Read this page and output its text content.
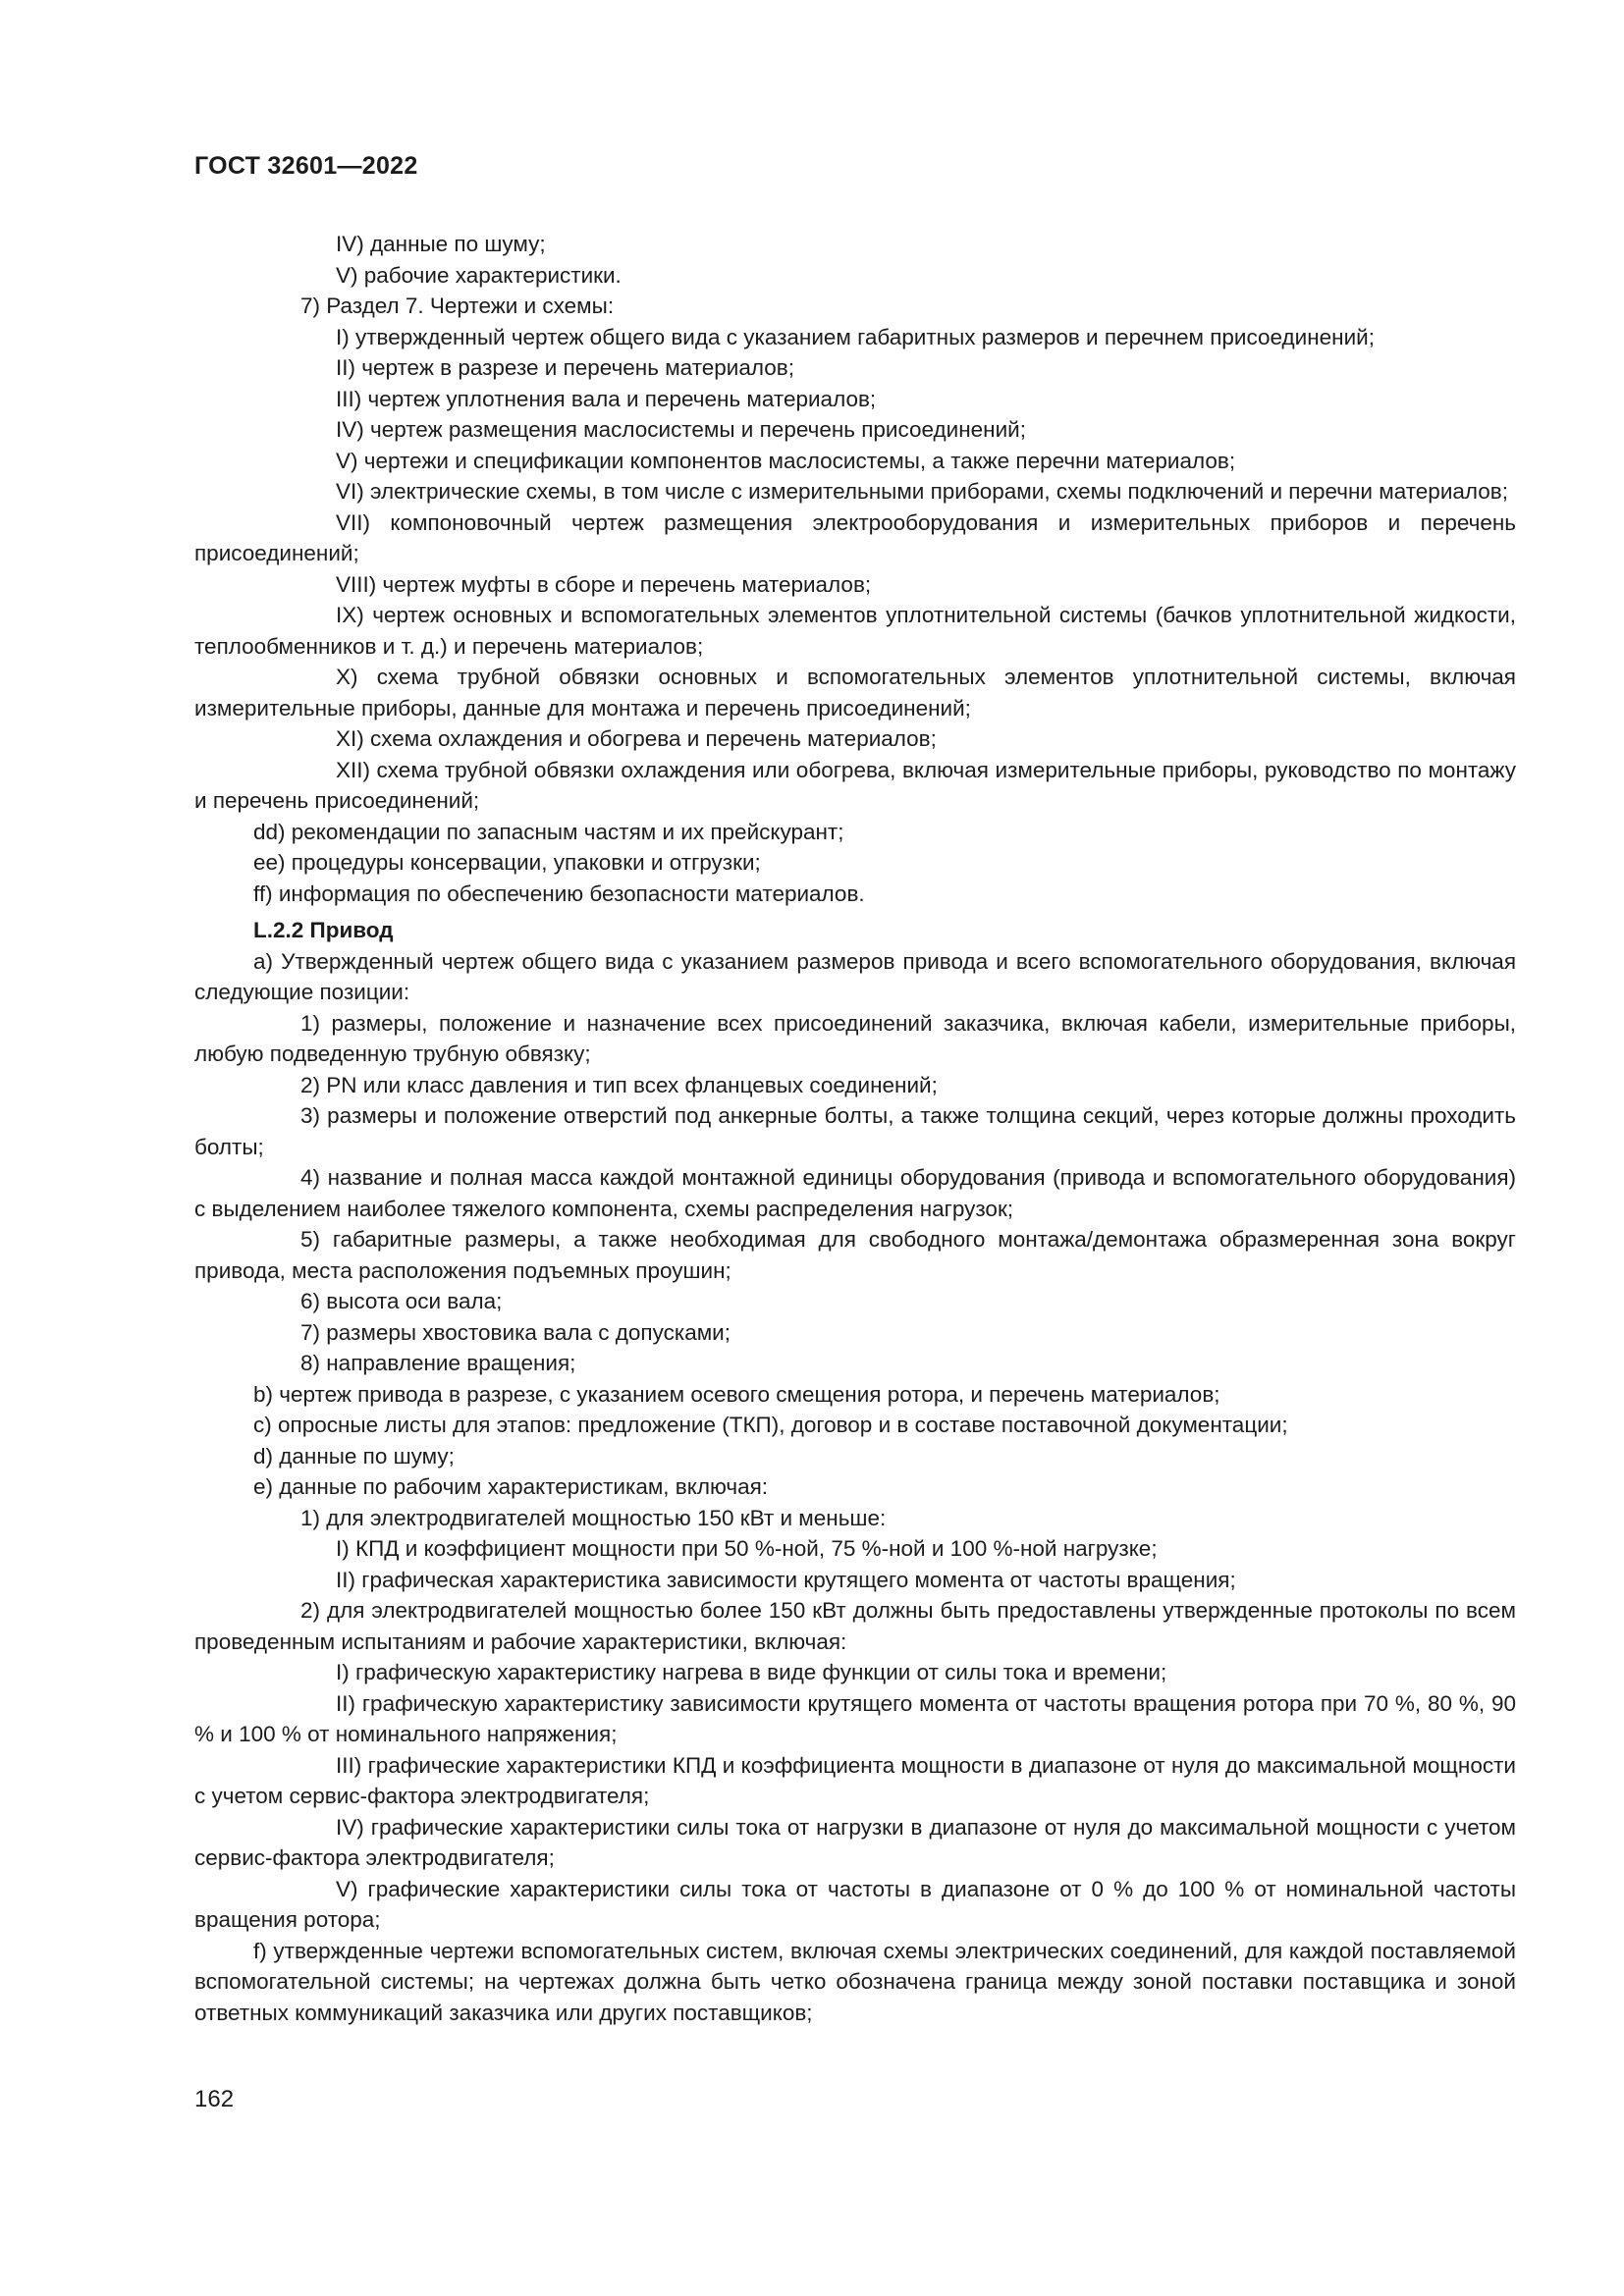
ГОСТ 32601—2022

IV) данные по шуму;

V) рабочие характеристики.

7) Раздел 7. Чертежи и схемы:

I) утвержденный чертеж общего вида с указанием габаритных размеров и перечнем присоединений;

II) чертеж в разрезе и перечень материалов;

III) чертеж уплотнения вала и перечень материалов;

IV) чертеж размещения маслосистемы и перечень присоединений;

V) чертежи и спецификации компонентов маслосистемы, а также перечни материалов;

VI) электрические схемы, в том числе с измерительными приборами, схемы подключений и перечни материалов;

VII) компоновочный чертеж размещения электрооборудования и измерительных приборов и перечень присоединений;

VIII) чертеж муфты в сборе и перечень материалов;

IX) чертеж основных и вспомогательных элементов уплотнительной системы (бачков уплотнительной жидкости, теплообменников и т. д.) и перечень материалов;

X) схема трубной обвязки основных и вспомогательных элементов уплотнительной системы, включая измерительные приборы, данные для монтажа и перечень присоединений;

XI) схема охлаждения и обогрева и перечень материалов;

XII) схема трубной обвязки охлаждения или обогрева, включая измерительные приборы, руководство по монтажу и перечень присоединений;

dd) рекомендации по запасным частям и их прейскурант;

ее) процедуры консервации, упаковки и отгрузки;

ff) информация по обеспечению безопасности материалов.

L.2.2 Привод

а) Утвержденный чертеж общего вида с указанием размеров привода и всего вспомогательного оборудования, включая следующие позиции:

1) размеры, положение и назначение всех присоединений заказчика, включая кабели, измерительные приборы, любую подведенную трубную обвязку;

2) PN или класс давления и тип всех фланцевых соединений;

3) размеры и положение отверстий под анкерные болты, а также толщина секций, через которые должны проходить болты;

4) название и полная масса каждой монтажной единицы оборудования (привода и вспомогательного оборудования) с выделением наиболее тяжелого компонента, схемы распределения нагрузок;

5) габаритные размеры, а также необходимая для свободного монтажа/демонтажа образмеренная зона вокруг привода, места расположения подъемных проушин;

6) высота оси вала;

7) размеры хвостовика вала с допусками;

8) направление вращения;

b) чертеж привода в разрезе, с указанием осевого смещения ротора, и перечень материалов;

с) опросные листы для этапов: предложение (ТКП), договор и в составе поставочной документации;

d) данные по шуму;

е) данные по рабочим характеристикам, включая:

1) для электродвигателей мощностью 150 кВт и меньше:

I) КПД и коэффициент мощности при 50 %-ной, 75 %-ной и 100 %-ной нагрузке;

II) графическая характеристика зависимости крутящего момента от частоты вращения;

2) для электродвигателей мощностью более 150 кВт должны быть предоставлены утвержденные протоколы по всем проведенным испытаниям и рабочие характеристики, включая:

I) графическую характеристику нагрева в виде функции от силы тока и времени;

II) графическую характеристику зависимости крутящего момента от частоты вращения ротора при 70 %, 80 %, 90 % и 100 % от номинального напряжения;

III) графические характеристики КПД и коэффициента мощности в диапазоне от нуля до максимальной мощности с учетом сервис-фактора электродвигателя;

IV) графические характеристики силы тока от нагрузки в диапазоне от нуля до максимальной мощности с учетом сервис-фактора электродвигателя;

V) графические характеристики силы тока от частоты в диапазоне от 0 % до 100 % от номинальной частоты вращения ротора;

f) утвержденные чертежи вспомогательных систем, включая схемы электрических соединений, для каждой поставляемой вспомогательной системы; на чертежах должна быть четко обозначена граница между зоной поставки поставщика и зоной ответных коммуникаций заказчика или других поставщиков;

162
